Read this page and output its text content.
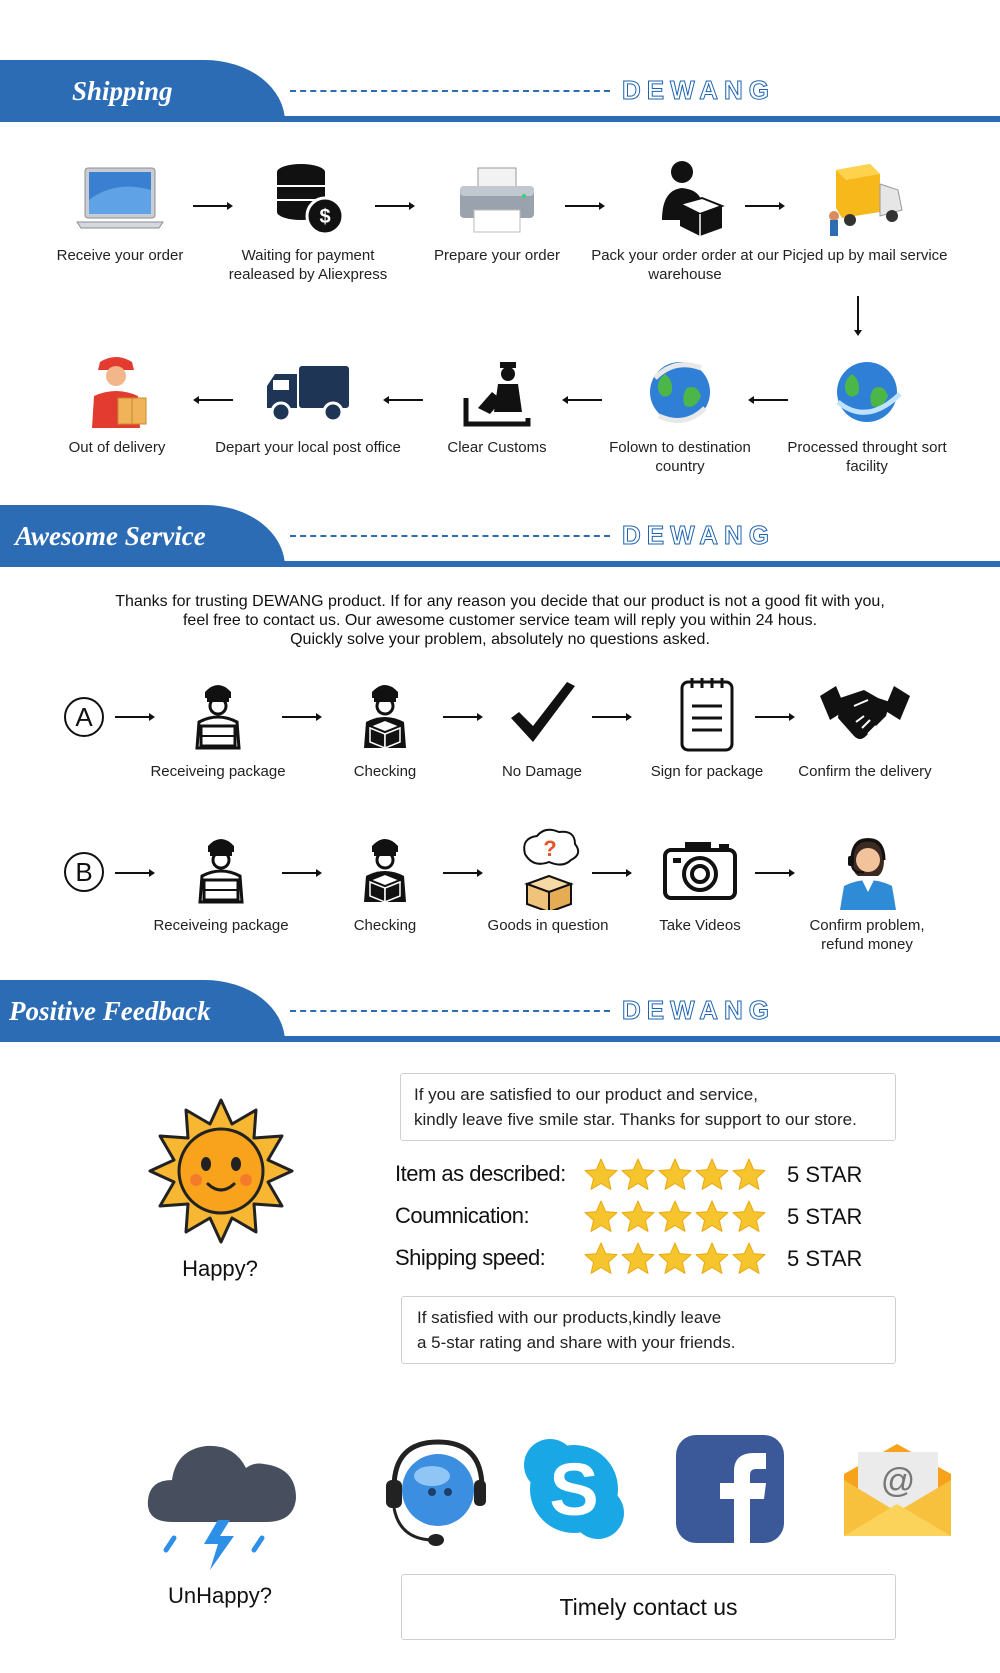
Shipping	DEWANG
Receive your order
$
Waiting for payment realeased by Aliexpress
Prepare your order	Pack your order order at our warehouse
Picjed up by mail service
Processed throught sort facility
Folown to destination country
Clear Customs
Depart your local post office
Out of delivery
Awesome Service	DEWANG
Thanks for trusting DEWANG product. If for any reason you decide that our product is not a good fit with you,
feel free to contact us. Our awesome customer service team will reply you within 24 hous.
Quickly solve your problem, absolutely no questions asked.
A
Receiveing package	Checking	No Damage	Sign for package	Confirm the delivery
B
Receiveing package	Checking
?
Goods in question	Take Videos	Confirm problem, refund money
Positive Feedback	DEWANG
Happy?
If you are satisfied to our product and service,
kindly leave five smile star. Thanks for support to our store.
Item as described:	5 STAR
Coumnication:	5 STAR
Shipping speed:	5 STAR
If satisfied with our products,kindly leave
a 5-star rating and share with your friends.
UnHappy?
S	@
Timely contact us
